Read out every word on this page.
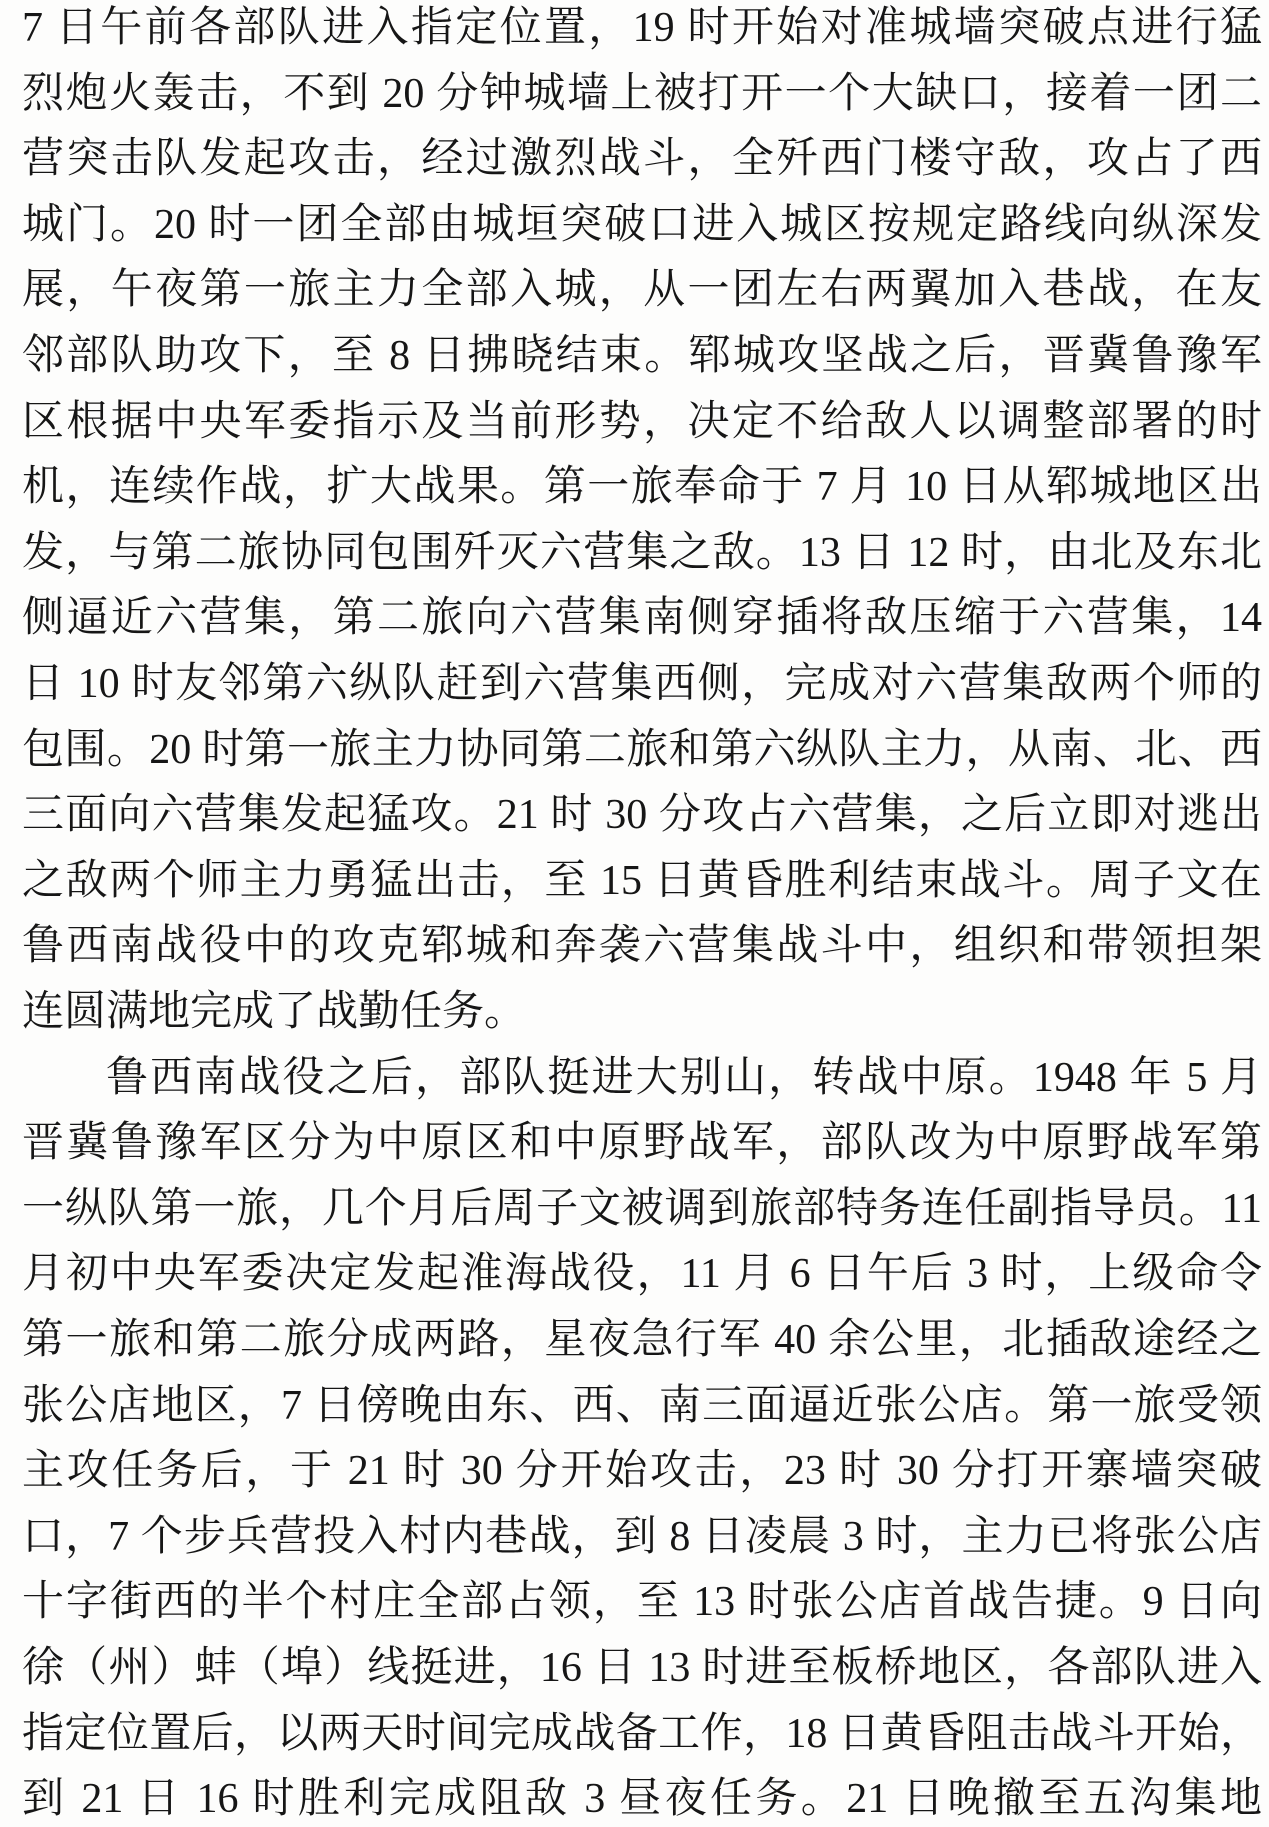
7 日午前各部队进入指定位置，19 时开始对准城墙突破点进行猛
烈炮火轰击，不到 20 分钟城墙上被打开一个大缺口，接着一团二
营突击队发起攻击，经过激烈战斗，全歼西门楼守敌，攻占了西
城门。20 时一团全部由城垣突破口进入城区按规定路线向纵深发
展，午夜第一旅主力全部入城，从一团左右两翼加入巷战，在友
邻部队助攻下，至 8 日拂晓结束。郓城攻坚战之后，晋冀鲁豫军
区根据中央军委指示及当前形势，决定不给敌人以调整部署的时
机，连续作战，扩大战果。第一旅奉命于 7 月 10 日从郓城地区出
发，与第二旅协同包围歼灭六营集之敌。13 日 12 时，由北及东北
侧逼近六营集，第二旅向六营集南侧穿插将敌压缩于六营集，14
日 10 时友邻第六纵队赶到六营集西侧，完成对六营集敌两个师的
包围。20 时第一旅主力协同第二旅和第六纵队主力，从南、北、西
三面向六营集发起猛攻。21 时 30 分攻占六营集，之后立即对逃出
之敌两个师主力勇猛出击，至 15 日黄昏胜利结束战斗。周子文在
鲁西南战役中的攻克郓城和奔袭六营集战斗中，组织和带领担架
连圆满地完成了战勤任务。
鲁西南战役之后，部队挺进大别山，转战中原。1948 年 5 月
晋冀鲁豫军区分为中原区和中原野战军，部队改为中原野战军第
一纵队第一旅，几个月后周子文被调到旅部特务连任副指导员。11
月初中央军委决定发起淮海战役，11 月 6 日午后 3 时，上级命令
第一旅和第二旅分成两路，星夜急行军 40 余公里，北插敌途经之
张公店地区，7 日傍晚由东、西、南三面逼近张公店。第一旅受领
主攻任务后，于 21 时 30 分开始攻击，23 时 30 分打开寨墙突破
口，7 个步兵营投入村内巷战，到 8 日凌晨 3 时，主力已将张公店
十字街西的半个村庄全部占领，至 13 时张公店首战告捷。9 日向
徐（州）蚌（埠）线挺进，16 日 13 时进至板桥地区，各部队进入
指定位置后，以两天时间完成战备工作，18 日黄昏阻击战斗开始，
到 21 日 16 时胜利完成阻敌 3 昼夜任务。21 日晚撤至五沟集地
